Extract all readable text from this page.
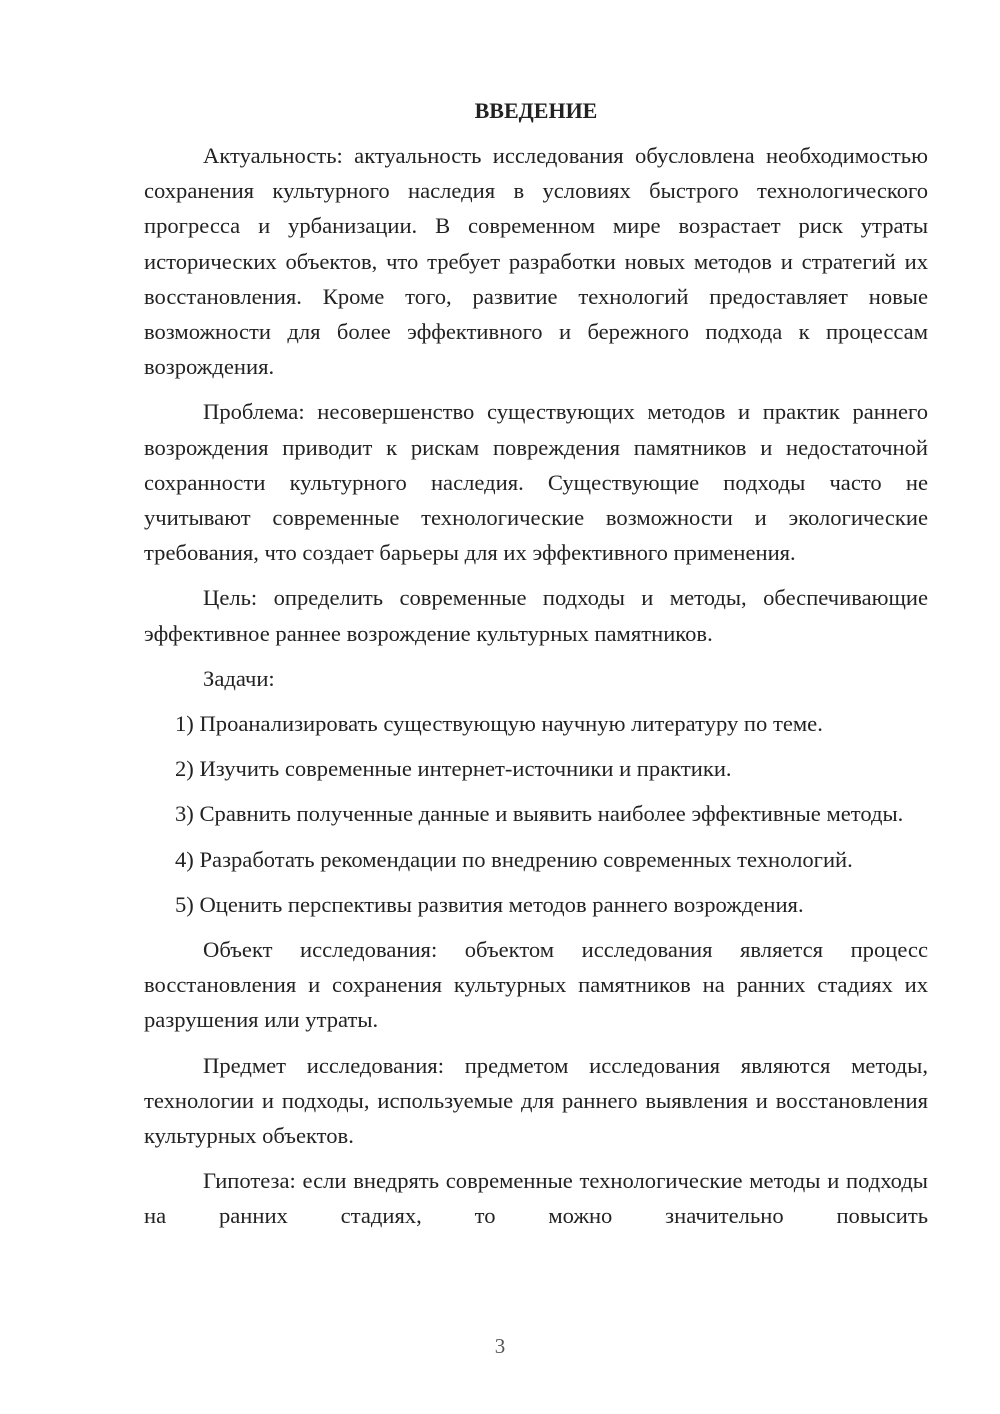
ВВЕДЕНИЕ

Актуальность: актуальность исследования обусловлена необходимостью сохранения культурного наследия в условиях быстрого технологического прогресса и урбанизации. В современном мире возрастает риск утраты исторических объектов, что требует разработки новых методов и стратегий их восстановления. Кроме того, развитие технологий предоставляет новые возможности для более эффективного и бережного подхода к процессам возрождения.

Проблема: несовершенство существующих методов и практик раннего возрождения приводит к рискам повреждения памятников и недостаточной сохранности культурного наследия. Существующие подходы часто не учитывают современные технологические возможности и экологические требования, что создает барьеры для их эффективного применения.

Цель: определить современные подходы и методы, обеспечивающие эффективное раннее возрождение культурных памятников.

Задачи:

1) Проанализировать существующую научную литературу по теме.

2) Изучить современные интернет-источники и практики.

3) Сравнить полученные данные и выявить наиболее эффективные методы.

4) Разработать рекомендации по внедрению современных технологий.

5) Оценить перспективы развития методов раннего возрождения.

Объект исследования: объектом исследования является процесс восстановления и сохранения культурных памятников на ранних стадиях их разрушения или утраты.

Предмет исследования: предметом исследования являются методы, технологии и подходы, используемые для раннего выявления и восстановления культурных объектов.

Гипотеза: если внедрять современные технологические методы и подходы на ранних стадиях, то можно значительно повысить

3
